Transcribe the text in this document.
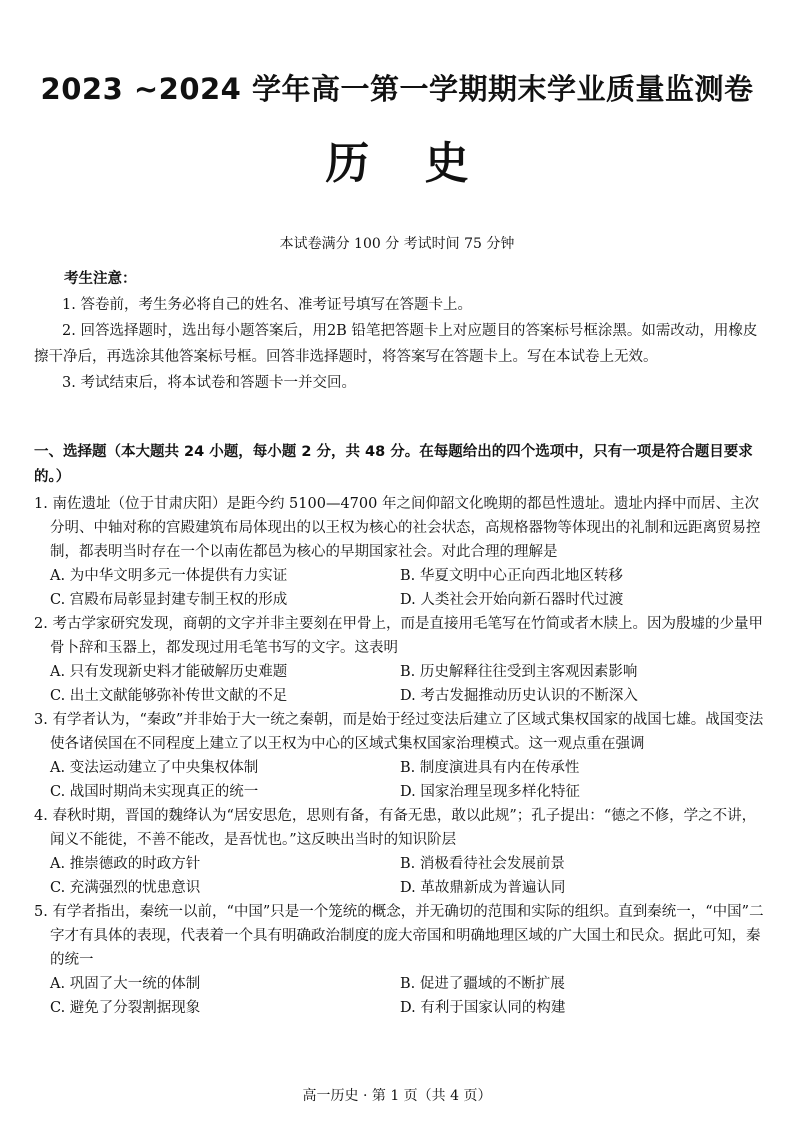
2023 ~2024 学年高一第一学期期末学业质量监测卷
历 史
本试卷满分 100 分 考试时间 75 分钟
考生注意：
1. 答卷前，考生务必将自己的姓名、准考证号填写在答题卡上。
2. 回答选择题时，选出每小题答案后，用2B 铅笔把答题卡上对应题目的答案标号框涂黑。如需改动，用橡皮擦干净后，再选涂其他答案标号框。回答非选择题时，将答案写在答题卡上。写在本试卷上无效。
3. 考试结束后，将本试卷和答题卡一并交回。
一、选择题（本大题共 24 小题，每小题 2 分，共 48 分。在每题给出的四个选项中，只有一项是符合题目要求的。）
1. 南佐遗址（位于甘肃庆阳）是距今约 5100—4700 年之间仰韶文化晚期的都邑性遗址。遗址内择中而居、主次分明、中轴对称的宫殿建筑布局体现出的以王权为核心的社会状态，高规格器物等体现出的礼制和远距离贸易控制，都表明当时存在一个以南佐都邑为核心的早期国家社会。对此合理的理解是
A. 为中华文明多元一体提供有力实证	B. 华夏文明中心正向西北地区转移
C. 宫殿布局彰显封建专制王权的形成	D. 人类社会开始向新石器时代过渡
2. 考古学家研究发现，商朝的文字并非主要刻在甲骨上，而是直接用毛笔写在竹简或者木牍上。因为殷墟的少量甲骨卜辞和玉器上，都发现过用毛笔书写的文字。这表明
A. 只有发现新史料才能破解历史难题	B. 历史解释往往受到主客观因素影响
C. 出土文献能够弥补传世文献的不足	D. 考古发掘推动历史认识的不断深入
3. 有学者认为，“秦政”并非始于大一统之秦朝，而是始于经过变法后建立了区域式集权国家的战国七雄。战国变法使各诸侯国在不同程度上建立了以王权为中心的区域式集权国家治理模式。这一观点重在强调
A. 变法运动建立了中央集权体制	B. 制度演进具有内在传承性
C. 战国时期尚未实现真正的统一	D. 国家治理呈现多样化特征
4. 春秋时期，晋国的魏绛认为“居安思危，思则有备，有备无患，敢以此规”；孔子提出：“德之不修，学之不讲，闻义不能徙，不善不能改，是吾忧也。”这反映出当时的知识阶层
A. 推崇德政的时政方针	B. 消极看待社会发展前景
C. 充满强烈的忧患意识	D. 革故鼎新成为普遍认同
5. 有学者指出，秦统一以前，“中国”只是一个笼统的概念，并无确切的范围和实际的组织。直到秦统一，“中国”二字才有具体的表现，代表着一个具有明确政治制度的庞大帝国和明确地理区域的广大国土和民众。据此可知，秦的统一
A. 巩固了大一统的体制	B. 促进了疆域的不断扩展
C. 避免了分裂割据现象	D. 有利于国家认同的构建
高一历史 · 第 1 页（共 4 页）
